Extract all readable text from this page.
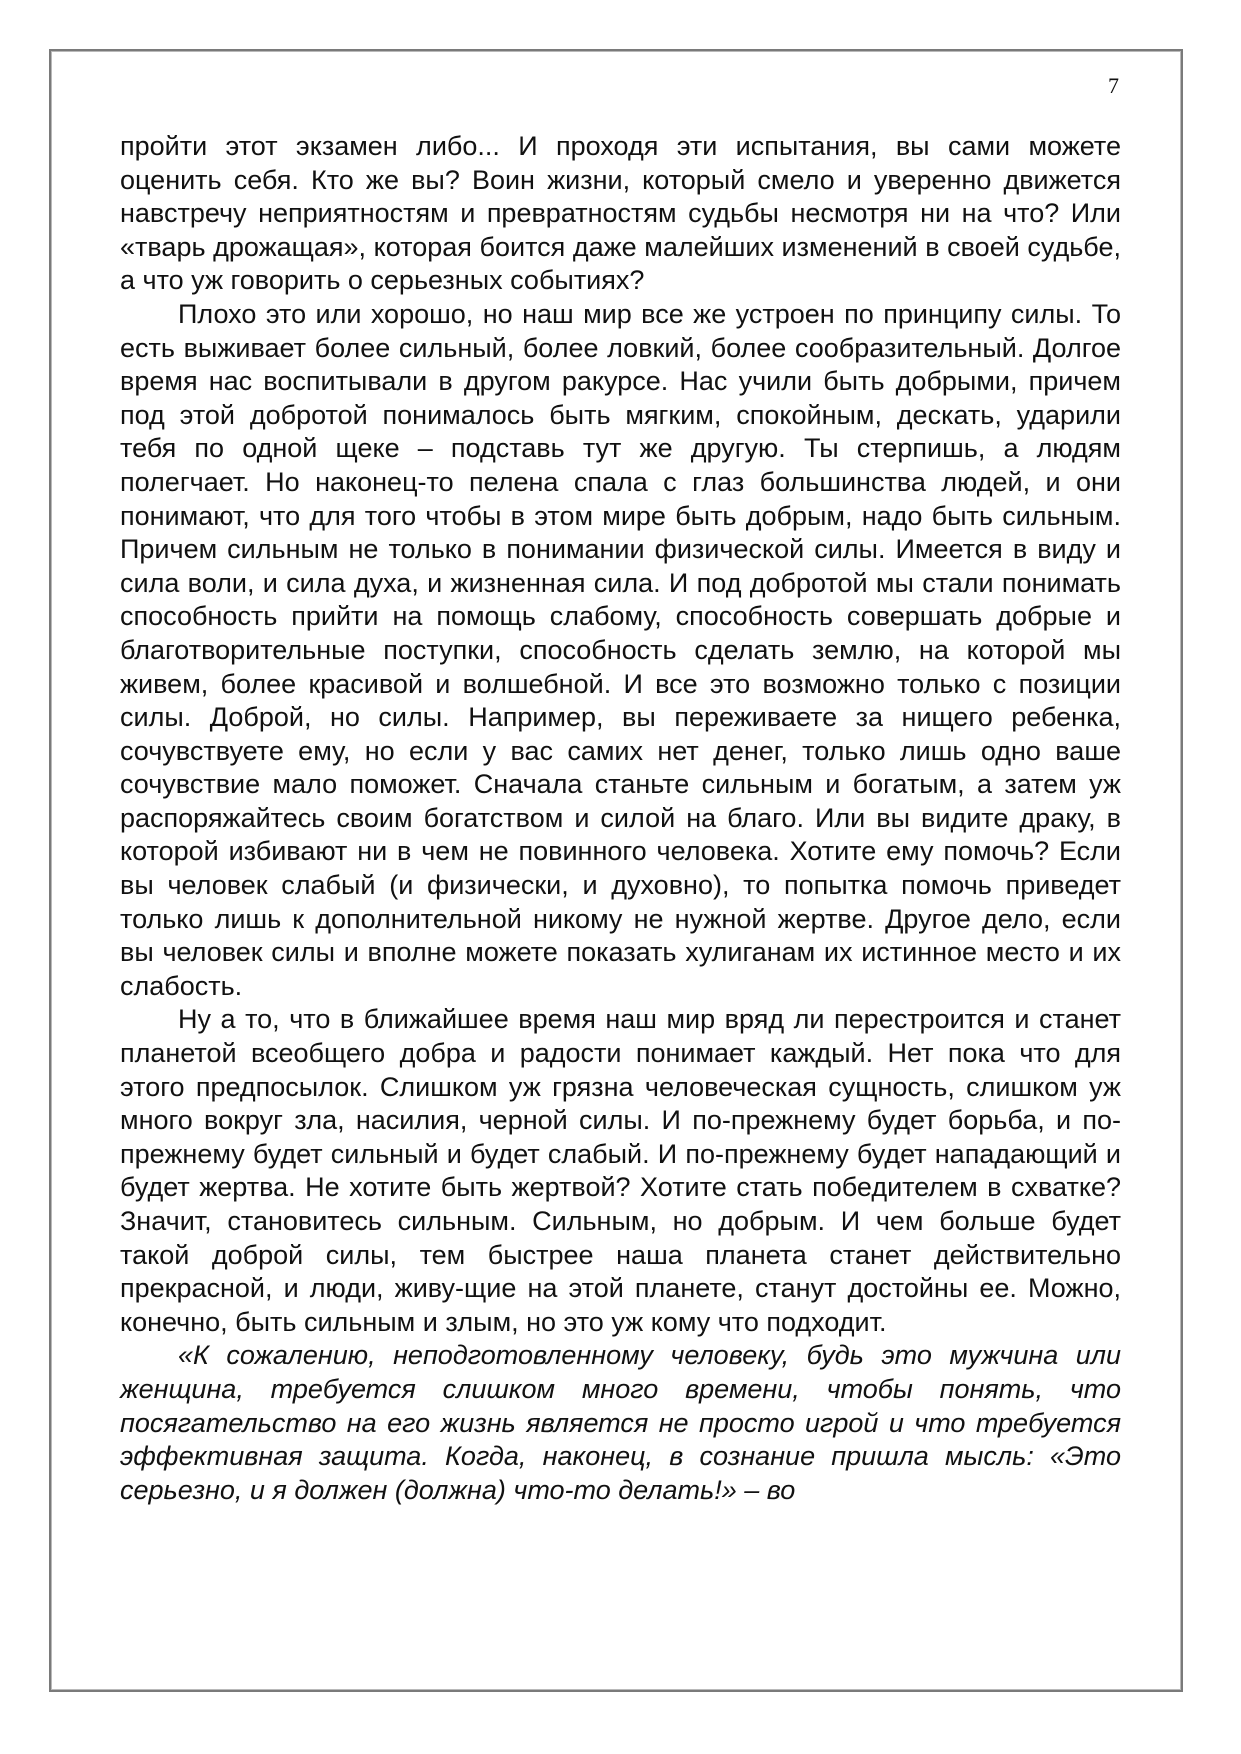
7

пройти этот экзамен либо... И проходя эти испытания, вы сами можете оценить себя. Кто же вы? Воин жизни, который смело и уверенно движется навстречу неприятностям и превратностям судьбы несмотря ни на что? Или «тварь дрожащая», которая боится даже малейших изменений в своей судьбе, а что уж говорить о серьезных событиях?

Плохо это или хорошо, но наш мир все же устроен по принципу силы. То есть выживает более сильный, более ловкий, более сообразительный. Долгое время нас воспитывали в другом ракурсе. Нас учили быть добрыми, причем под этой добротой понималось быть мягким, спокойным, дескать, ударили тебя по одной щеке – подставь тут же другую. Ты стерпишь, а людям полегчает. Но наконец-то пелена спала с глаз большинства людей, и они понимают, что для того чтобы в этом мире быть добрым, надо быть сильным. Причем сильным не только в понимании физической силы. Имеется в виду и сила воли, и сила духа, и жизненная сила. И под добротой мы стали понимать способность прийти на помощь слабому, способность совершать добрые и благотворительные поступки, способность сделать землю, на которой мы живем, более красивой и волшебной. И все это возможно только с позиции силы. Доброй, но силы. Например, вы переживаете за нищего ребенка, сочувствуете ему, но если у вас самих нет денег, только лишь одно ваше сочувствие мало поможет. Сначала станьте сильным и богатым, а затем уж распоряжайтесь своим богатством и силой на благо. Или вы видите драку, в которой избивают ни в чем не повинного человека. Хотите ему помочь? Если вы человек слабый (и физически, и духовно), то попытка помочь приведет только лишь к дополнительной никому не нужной жертве. Другое дело, если вы человек силы и вполне можете показать хулиганам их истинное место и их слабость.

Ну а то, что в ближайшее время наш мир вряд ли перестроится и станет планетой всеобщего добра и радости понимает каждый. Нет пока что для этого предпосылок. Слишком уж грязна человеческая сущность, слишком уж много вокруг зла, насилия, черной силы. И по-прежнему будет борьба, и по-прежнему будет сильный и будет слабый. И по-прежнему будет нападающий и будет жертва. Не хотите быть жертвой? Хотите стать победителем в схватке? Значит, становитесь сильным. Сильным, но добрым. И чем больше будет такой доброй силы, тем быстрее наша планета станет действительно прекрасной, и люди, живу-щие на этой планете, станут достойны ее. Можно, конечно, быть сильным и злым, но это уж кому что подходит.

«К сожалению, неподготовленному человеку, будь это мужчина или женщина, требуется слишком много времени, чтобы понять, что посягательство на его жизнь является не просто игрой и что требуется эффективная защита. Когда, наконец, в сознание пришла мысль: «Это серьезно, и я должен (должна) что-то делать!» – во
